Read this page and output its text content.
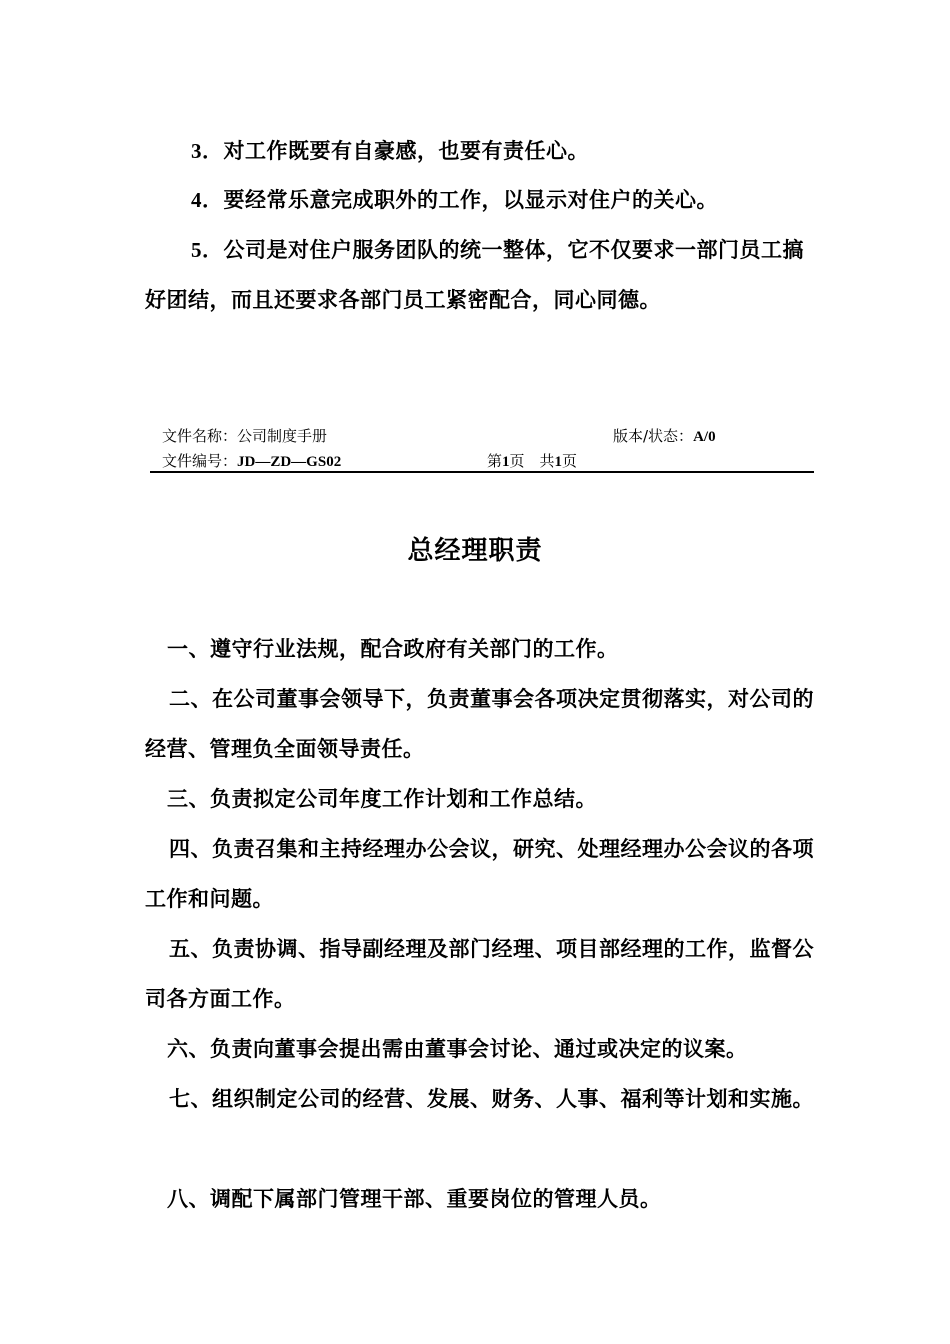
3．对工作既要有自豪感，也要有责任心。

4．要经常乐意完成职外的工作，以显示对住户的关心。

5．公司是对住户服务团队的统一整体，它不仅要求一部门员工搞好团结，而且还要求各部门员工紧密配合，同心同德。

文件名称：公司制度手册	版本/状态：A/0
文件编号：JD—ZD—GS02	第1页　共1页
总经理职责

一、遵守行业法规，配合政府有关部门的工作。

二、在公司董事会领导下，负责董事会各项决定贯彻落实，对公司的经营、管理负全面领导责任。

三、负责拟定公司年度工作计划和工作总结。

四、负责召集和主持经理办公会议，研究、处理经理办公会议的各项工作和问题。

五、负责协调、指导副经理及部门经理、项目部经理的工作，监督公司各方面工作。

六、负责向董事会提出需由董事会讨论、通过或决定的议案。

七、组织制定公司的经营、发展、财务、人事、福利等计划和实施。

八、调配下属部门管理干部、重要岗位的管理人员。
